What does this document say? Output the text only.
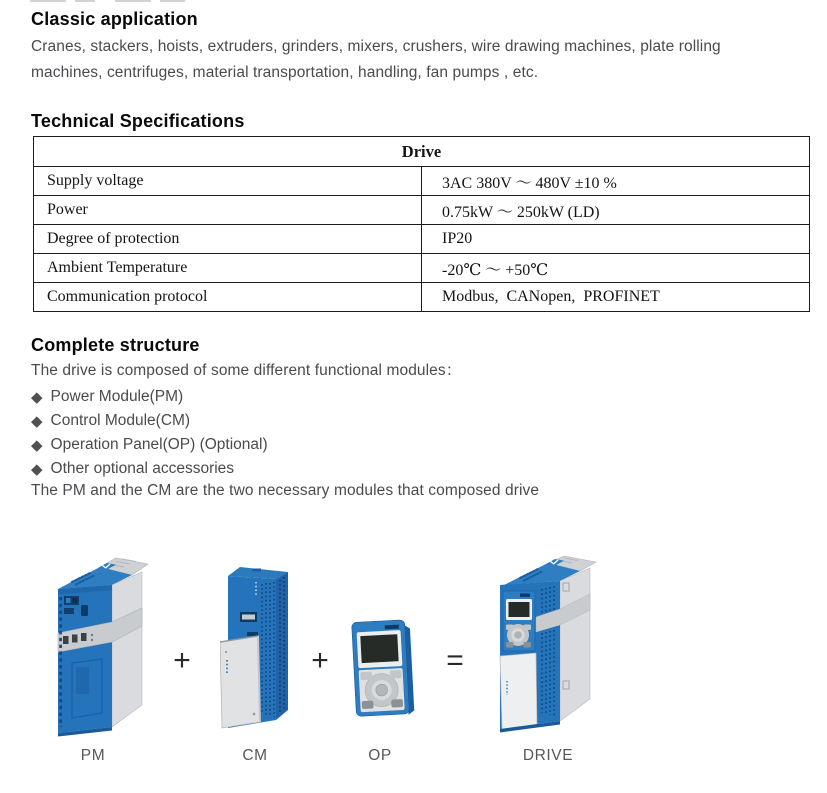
Classic application
Cranes, stackers, hoists, extruders, grinders, mixers, crushers, wire drawing machines, plate rolling machines, centrifuges, material transportation, handling, fan pumps , etc.
Technical Specifications
Drive	
Supply voltage	3AC 380V ～ 480V ±10 %
Power	0.75kW ～ 250kW (LD)
Degree of protection	IP20
Ambient Temperature	-20℃ ～ +50℃
Communication protocol	Modbus,  CANopen,  PROFINET
Complete structure
The drive is composed of some different functional modules：
◆ Power Module(PM)
◆ Control Module(CM)
◆ Operation Panel(OP) (Optional)
◆ Other optional accessories
The PM and the CM are the two necessary modules that composed drive
+	+	=
PM	CM	OP	DRIVE
